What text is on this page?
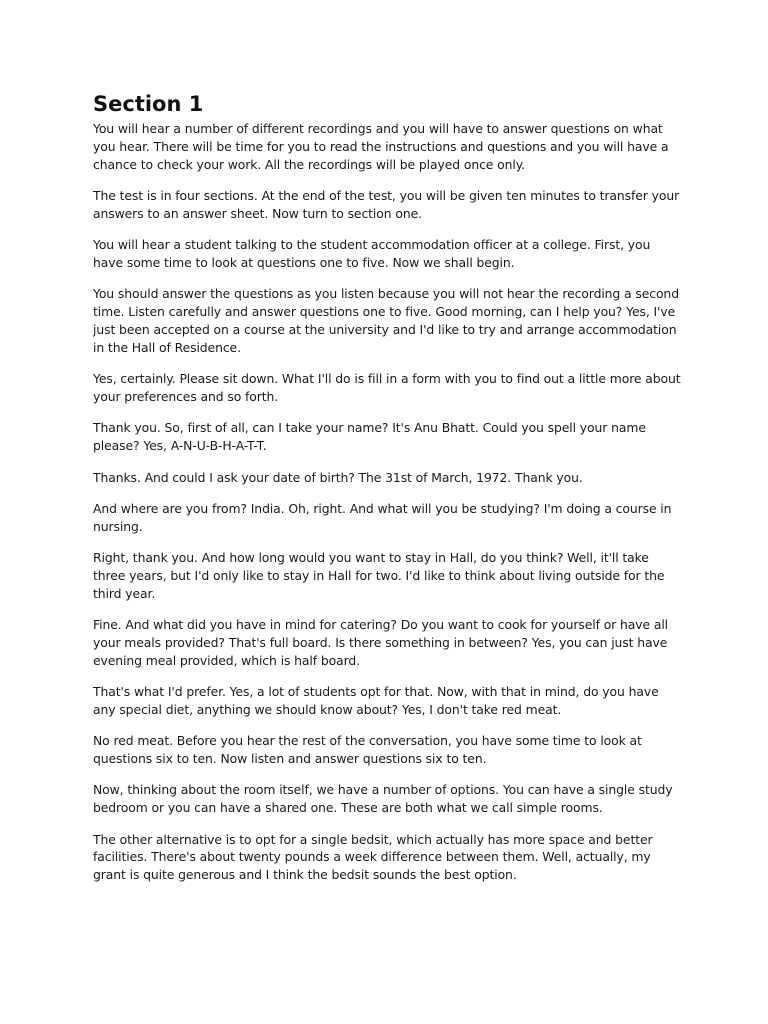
Section 1

You will hear a number of different recordings and you will have to answer questions on what you hear. There will be time for you to read the instructions and questions and you will have a chance to check your work. All the recordings will be played once only.

The test is in four sections. At the end of the test, you will be given ten minutes to transfer your answers to an answer sheet. Now turn to section one.

You will hear a student talking to the student accommodation officer at a college. First, you have some time to look at questions one to five. Now we shall begin.

You should answer the questions as you listen because you will not hear the recording a second time. Listen carefully and answer questions one to five. Good morning, can I help you? Yes, I've just been accepted on a course at the university and I'd like to try and arrange accommodation in the Hall of Residence.

Yes, certainly. Please sit down. What I'll do is fill in a form with you to find out a little more about your preferences and so forth.

Thank you. So, first of all, can I take your name? It's Anu Bhatt. Could you spell your name please? Yes, A-N-U-B-H-A-T-T.

Thanks. And could I ask your date of birth? The 31st of March, 1972. Thank you.

And where are you from? India. Oh, right. And what will you be studying? I'm doing a course in nursing.

Right, thank you. And how long would you want to stay in Hall, do you think? Well, it'll take three years, but I'd only like to stay in Hall for two. I'd like to think about living outside for the third year.

Fine. And what did you have in mind for catering? Do you want to cook for yourself or have all your meals provided? That's full board. Is there something in between? Yes, you can just have evening meal provided, which is half board.

That's what I'd prefer. Yes, a lot of students opt for that. Now, with that in mind, do you have any special diet, anything we should know about? Yes, I don't take red meat.

No red meat. Before you hear the rest of the conversation, you have some time to look at questions six to ten. Now listen and answer questions six to ten.

Now, thinking about the room itself, we have a number of options. You can have a single study bedroom or you can have a shared one. These are both what we call simple rooms.

The other alternative is to opt for a single bedsit, which actually has more space and better facilities. There's about twenty pounds a week difference between them. Well, actually, my grant is quite generous and I think the bedsit sounds the best option.
